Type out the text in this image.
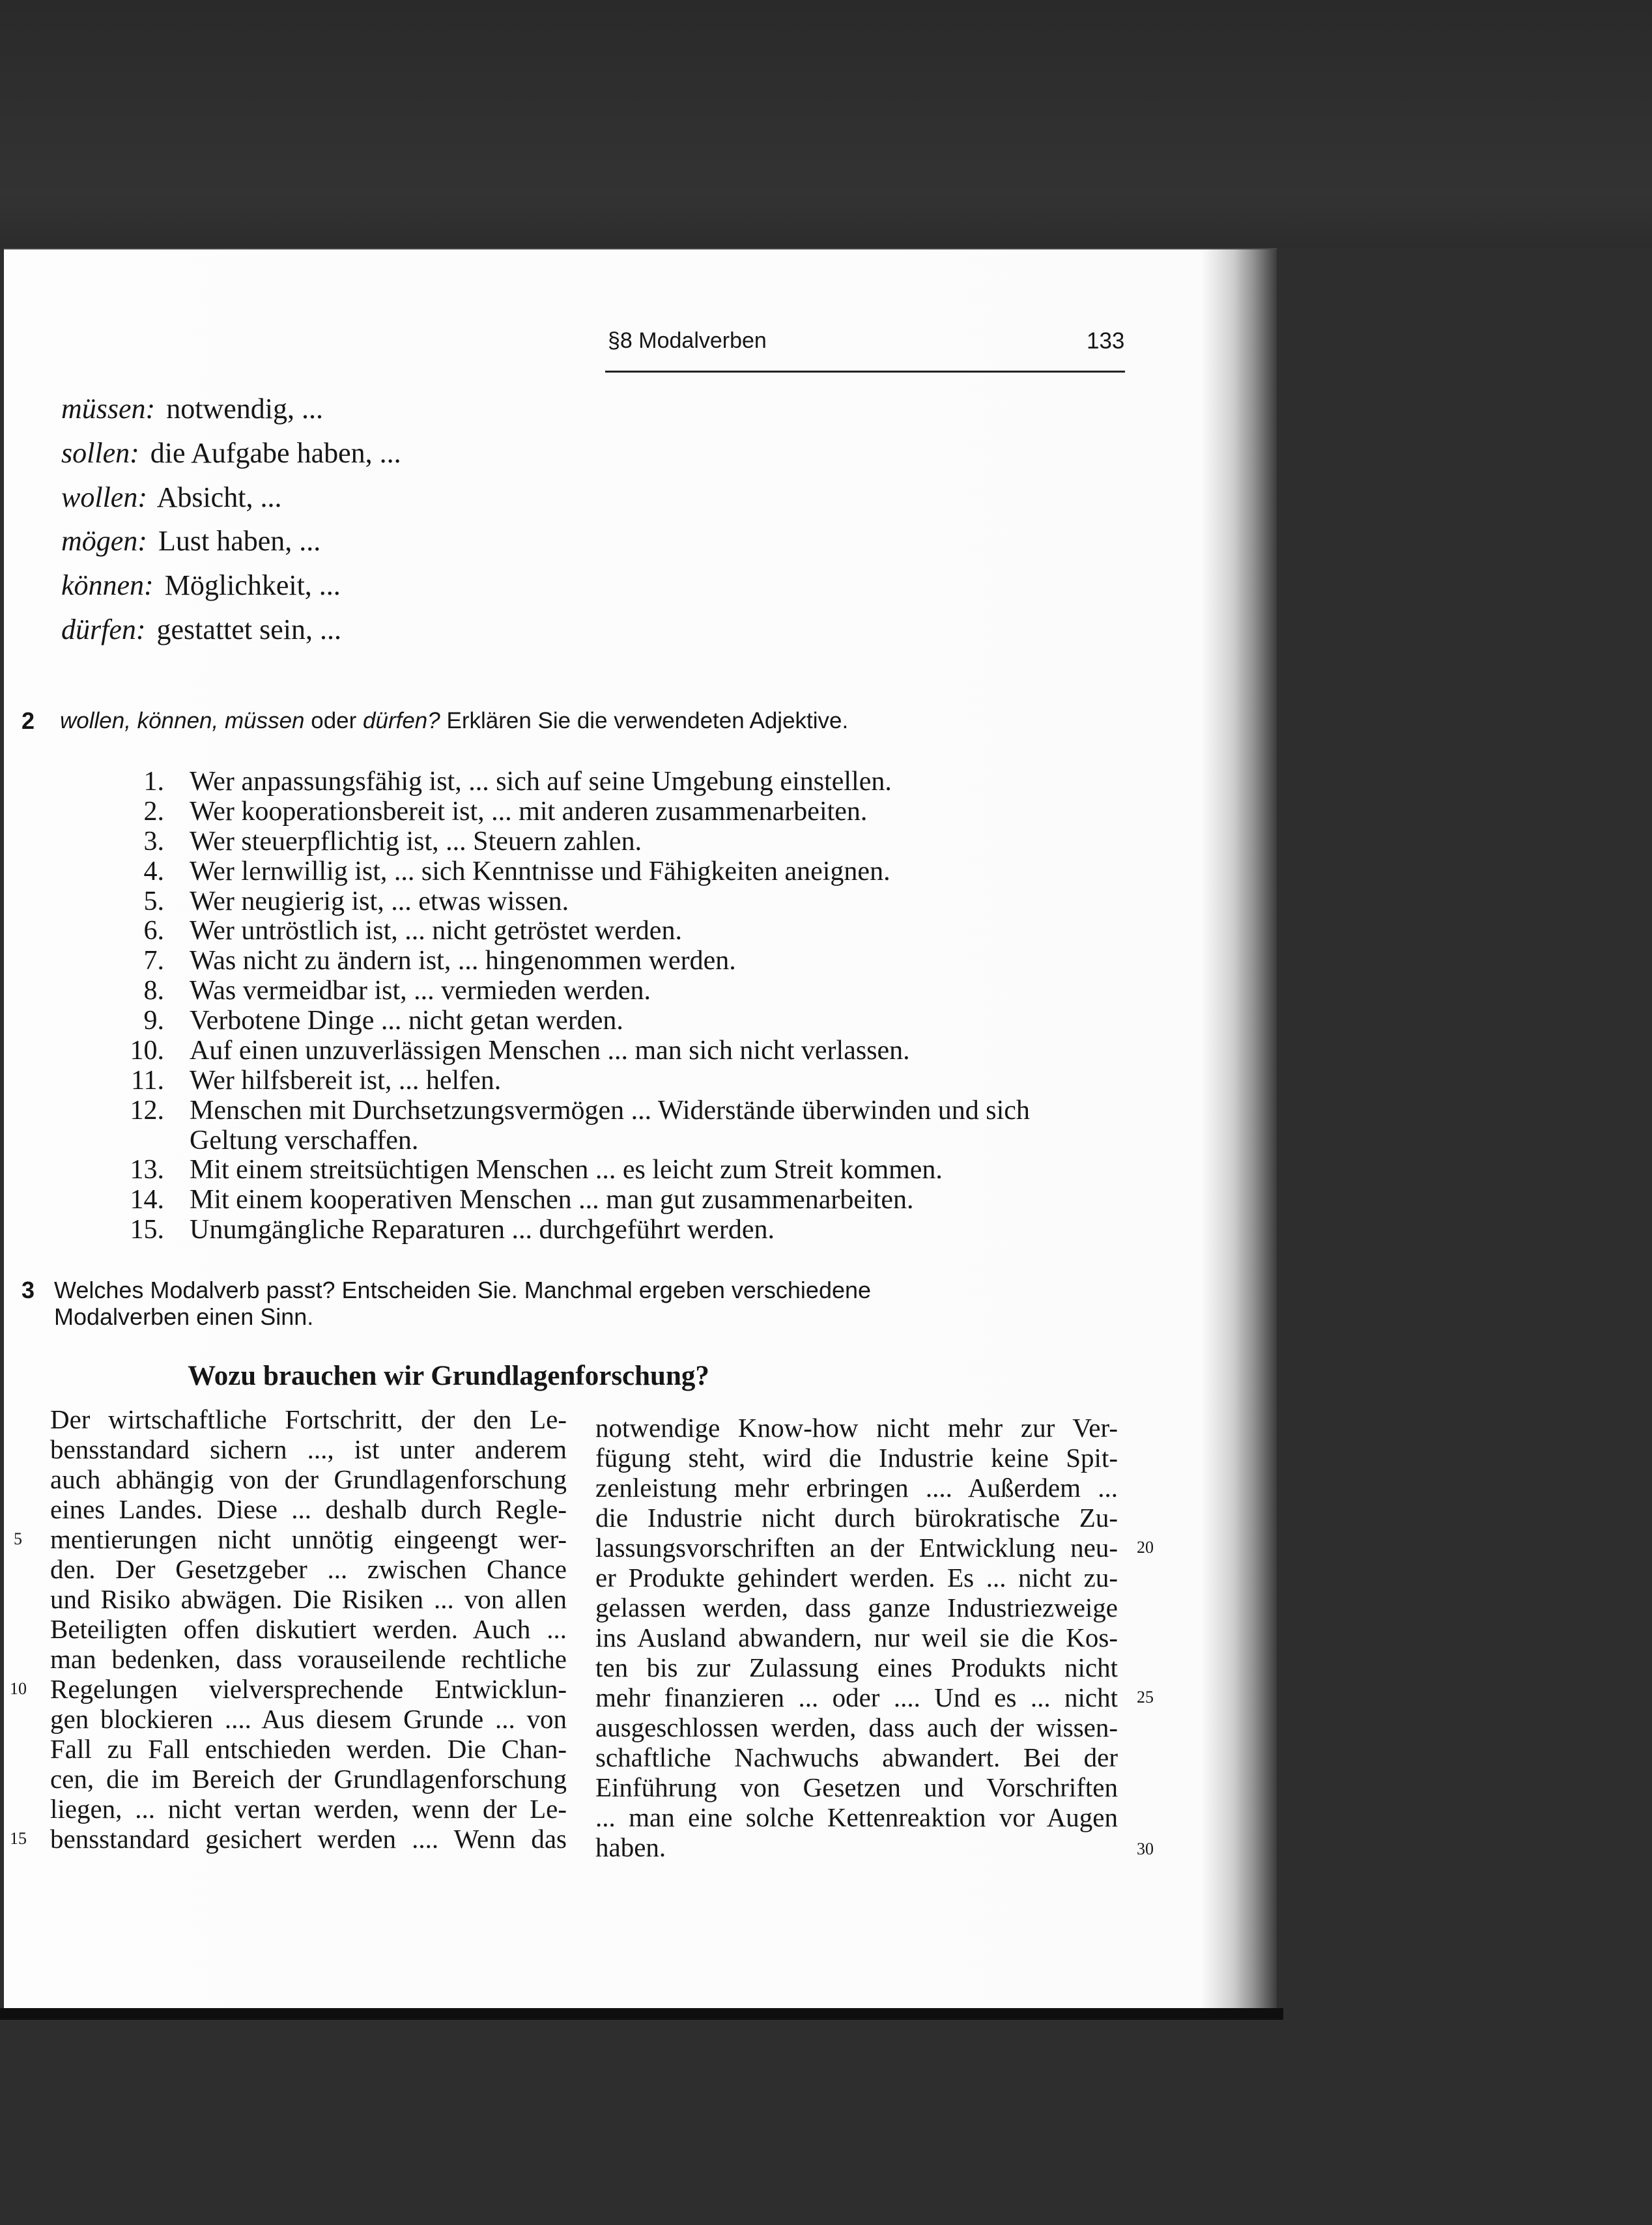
§8 Modalverben	133
müssen: notwendig, ...
sollen: die Aufgabe haben, ...
wollen: Absicht, ...
mögen: Lust haben, ...
können: Möglichkeit, ...
dürfen: gestattet sein, ...
2 wollen, können, müssen oder dürfen? Erklären Sie die verwendeten Adjektive.
1. Wer anpassungsfähig ist, ... sich auf seine Umgebung einstellen.
2. Wer kooperationsbereit ist, ... mit anderen zusammenarbeiten.
3. Wer steuerpflichtig ist, ... Steuern zahlen.
4. Wer lernwillig ist, ... sich Kenntnisse und Fähigkeiten aneignen.
5. Wer neugierig ist, ... etwas wissen.
6. Wer untröstlich ist, ... nicht getröstet werden.
7. Was nicht zu ändern ist, ... hingenommen werden.
8. Was vermeidbar ist, ... vermieden werden.
9. Verbotene Dinge ... nicht getan werden.
10. Auf einen unzuverlässigen Menschen ... man sich nicht verlassen.
11. Wer hilfsbereit ist, ... helfen.
12. Menschen mit Durchsetzungsvermögen ... Widerstände überwinden und sich
Geltung verschaffen.
13. Mit einem streitsüchtigen Menschen ... es leicht zum Streit kommen.
14. Mit einem kooperativen Menschen ... man gut zusammenarbeiten.
15. Unumgängliche Reparaturen ... durchgeführt werden.
3 Welches Modalverb passt? Entscheiden Sie. Manchmal ergeben verschiedene
Modalverben einen Sinn.
Wozu brauchen wir Grundlagenforschung?
Der wirtschaftliche Fortschritt, der den Le-
bensstandard sichern ..., ist unter anderem
auch abhängig von der Grundlagenforschung
eines Landes. Diese ... deshalb durch Regle-
mentierungen nicht unnötig eingeengt wer-
den. Der Gesetzgeber ... zwischen Chance
und Risiko abwägen. Die Risiken ... von allen
Beteiligten offen diskutiert werden. Auch ...
man bedenken, dass vorauseilende rechtliche
Regelungen vielversprechende Entwicklun-
gen blockieren .... Aus diesem Grunde ... von
Fall zu Fall entschieden werden. Die Chan-
cen, die im Bereich der Grundlagenforschung
liegen, ... nicht vertan werden, wenn der Le-
bensstandard gesichert werden .... Wenn das
notwendige Know-how nicht mehr zur Ver-
fügung steht, wird die Industrie keine Spit-
zenleistung mehr erbringen .... Außerdem ...
die Industrie nicht durch bürokratische Zu-
lassungsvorschriften an der Entwicklung neu-
er Produkte gehindert werden. Es ... nicht zu-
gelassen werden, dass ganze Industriezweige
ins Ausland abwandern, nur weil sie die Kos-
ten bis zur Zulassung eines Produkts nicht
mehr finanzieren ... oder .... Und es ... nicht
ausgeschlossen werden, dass auch der wissen-
schaftliche Nachwuchs abwandert. Bei der
Einführung von Gesetzen und Vorschriften
... man eine solche Kettenreaktion vor Augen
haben.
5
10
15
20
25
30
